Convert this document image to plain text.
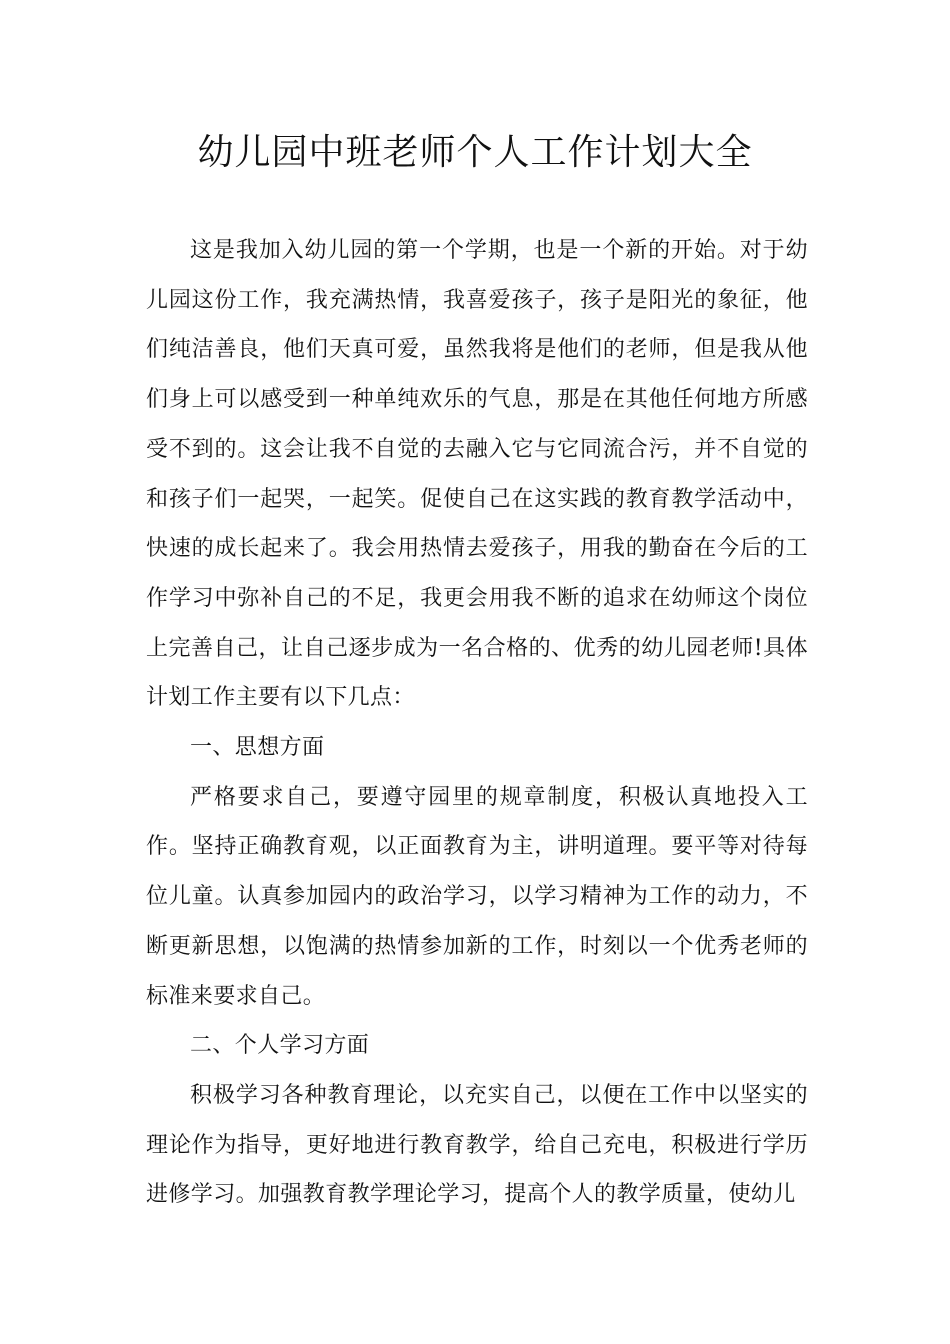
幼儿园中班老师个人工作计划大全

这是我加入幼儿园的第一个学期，也是一个新的开始。对于幼儿园这份工作，我充满热情，我喜爱孩子，孩子是阳光的象征，他们纯洁善良，他们天真可爱，虽然我将是他们的老师，但是我从他们身上可以感受到一种单纯欢乐的气息，那是在其他任何地方所感受不到的。这会让我不自觉的去融入它与它同流合污，并不自觉的和孩子们一起哭，一起笑。促使自己在这实践的教育教学活动中，快速的成长起来了。我会用热情去爱孩子，用我的勤奋在今后的工作学习中弥补自己的不足，我更会用我不断的追求在幼师这个岗位上完善自己，让自己逐步成为一名合格的、优秀的幼儿园老师!具体计划工作主要有以下几点：

一、思想方面

严格要求自己，要遵守园里的规章制度，积极认真地投入工作。坚持正确教育观，以正面教育为主，讲明道理。要平等对待每位儿童。认真参加园内的政治学习，以学习精神为工作的动力，不断更新思想，以饱满的热情参加新的工作，时刻以一个优秀老师的标准来要求自己。

二、个人学习方面

积极学习各种教育理论，以充实自己，以便在工作中以坚实的理论作为指导，更好地进行教育教学，给自己充电，积极进行学历进修学习。加强教育教学理论学习，提高个人的教学质量，使幼儿
